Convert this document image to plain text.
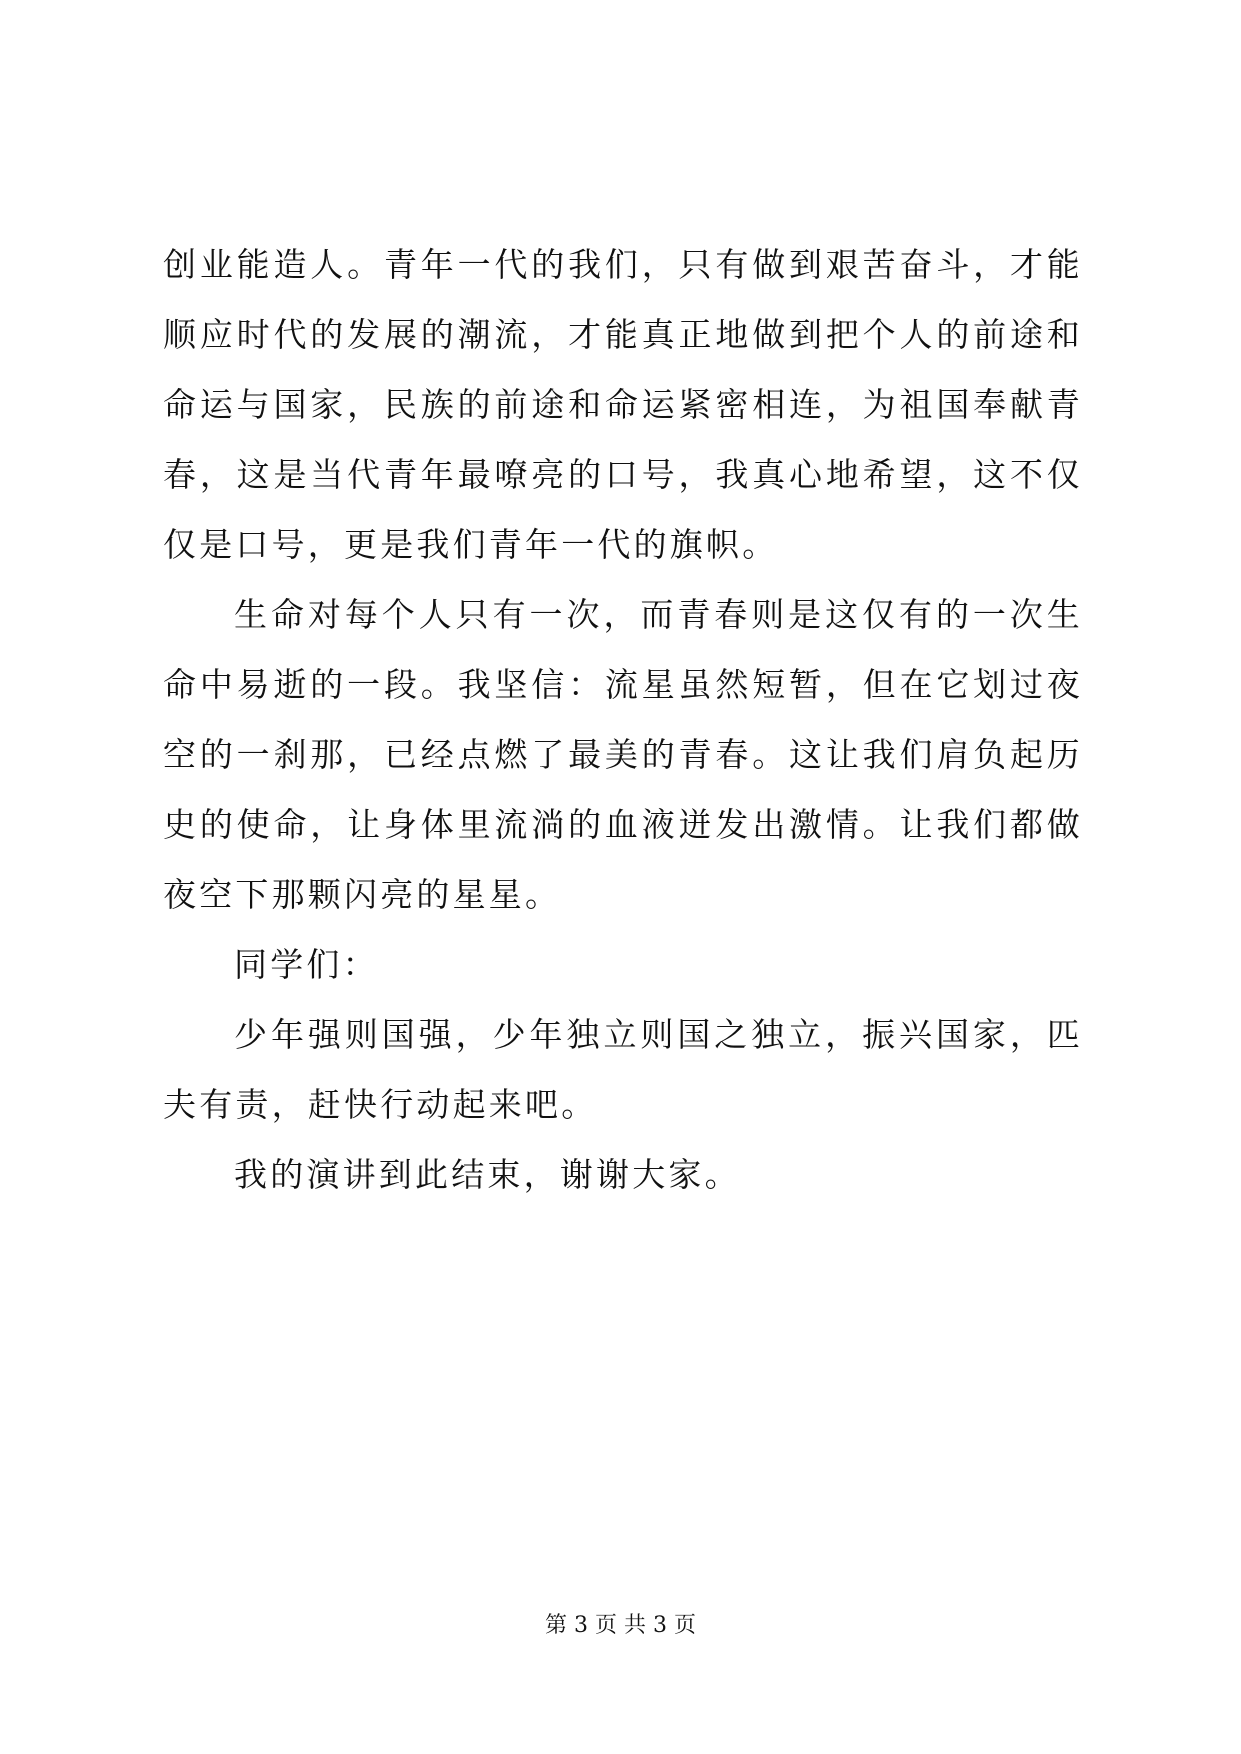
创业能造人。青年一代的我们，只有做到艰苦奋斗，才能顺应时代的发展的潮流，才能真正地做到把个人的前途和命运与国家，民族的前途和命运紧密相连，为祖国奉献青春，这是当代青年最嘹亮的口号，我真心地希望，这不仅仅是口号，更是我们青年一代的旗帜。

生命对每个人只有一次，而青春则是这仅有的一次生命中易逝的一段。我坚信：流星虽然短暂，但在它划过夜空的一刹那，已经点燃了最美的青春。这让我们肩负起历史的使命，让身体里流淌的血液迸发出激情。让我们都做夜空下那颗闪亮的星星。

同学们：

少年强则国强，少年独立则国之独立，振兴国家，匹夫有责，赶快行动起来吧。

我的演讲到此结束，谢谢大家。

第 3 页 共 3 页
